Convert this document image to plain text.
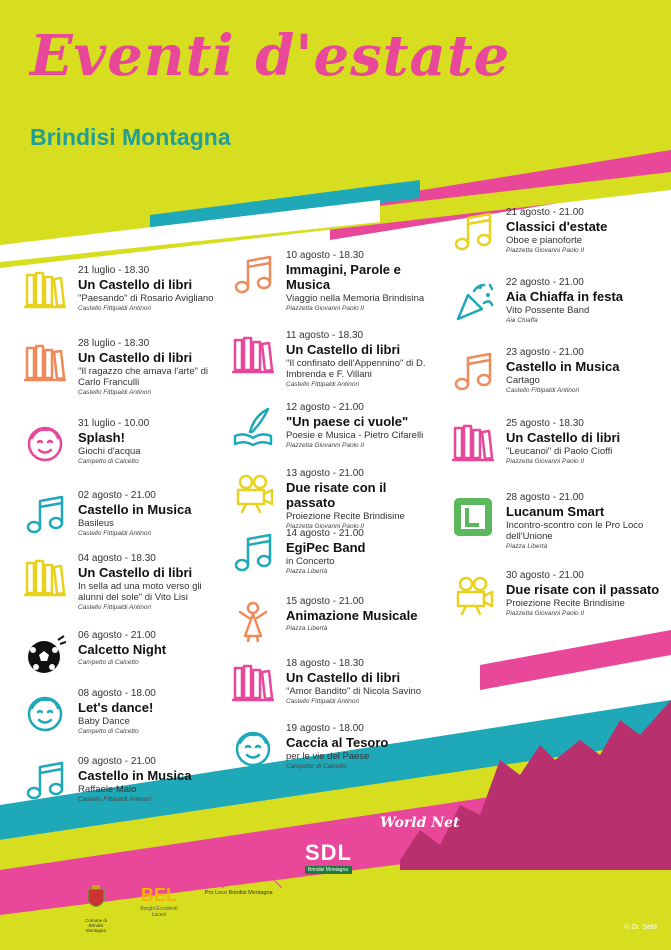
Eventi d'estate
Brindisi Montagna
21 luglio - 18.30
Un Castello di libri
"Paesando" di Rosario Avigliano
Castello Fittipaldi Antinori
28 luglio - 18.30
Un Castello di libri
"Il ragazzo che amava l'arte" di Carlo Franculli
Castello Fittipaldi Antinori
31 luglio - 10.00
Splash!
Giochi d'acqua
Campetto di Calcetto
02 agosto - 21.00
Castello in Musica
Basileus
Castello Fittipaldi Antinori
04 agosto - 18.30
Un Castello di libri
In sella ad una moto verso gli alunni del sole" di Vito Lisi
Castello Fittipaldi Antinori
06 agosto - 21.00
Calcetto Night
Campetto di Calcetto
08 agosto - 18.00
Let's dance!
Baby Dance
Campetto di Calcetto
09 agosto - 21.00
Castello in Musica
Raffaele Maio
Castello Fittipaldi Antinori
10 agosto - 18.30
Immagini, Parole e Musica
Viaggio nella Memoria Brindisina
Piazzetta Giovanni Paolo II
11 agosto - 18.30
Un Castello di libri
"Il confinato dell'Appennino" di D. Imbrenda e F. Villani
Castello Fittipaldi Antinori
12 agosto - 21.00
"Un paese ci vuole"
Poesie e Musica - Pietro Cifarelli
Piazzetta Giovanni Paolo II
13 agosto - 21.00
Due risate con il passato
Proiezione Recite Brindisine
Piazzetta Giovanni Paolo II
14 agosto - 21.00
EgiPec Band
in Concerto
Piazza Libertà
15 agosto - 21.00
Animazione Musicale
Piazza Libertà
18 agosto - 18.30
Un Castello di libri
"Amor Bandito" di Nicola Savino
Castello Fittipaldi Antinori
19 agosto - 18.00
Caccia al Tesoro
per le vie del Paese
Campetto di Calcetto
21 agosto - 21.00
Classici d'estate
Oboe e pianoforte
Piazzetta Giovanni Paolo II
22 agosto - 21.00
Aia Chiaffa in festa
Vito Possente Band
Aia Chiaffa
23 agosto - 21.00
Castello in Musica
Cartago
Castello Fittipaldi Antinori
25 agosto - 18.30
Un Castello di libri
"Leucanoi" di Paolo Cioffi
Piazzetta Giovanni Paolo II
28 agosto - 21.00
Lucanum Smart
Incontro-scontro con le Pro Loco dell'Unione
Piazza Libertà
30 agosto - 21.00
Due risate con il passato
Proiezione Recite Brindisine
Piazzetta Giovanni Paolo II
World Net
SDL
Brindisi Montagna
BEL
Borghi Eccellenti Lucani
Pro Loco Brindisi Montagna
Comune di Brindisi Montagna	© Gr. SeM
